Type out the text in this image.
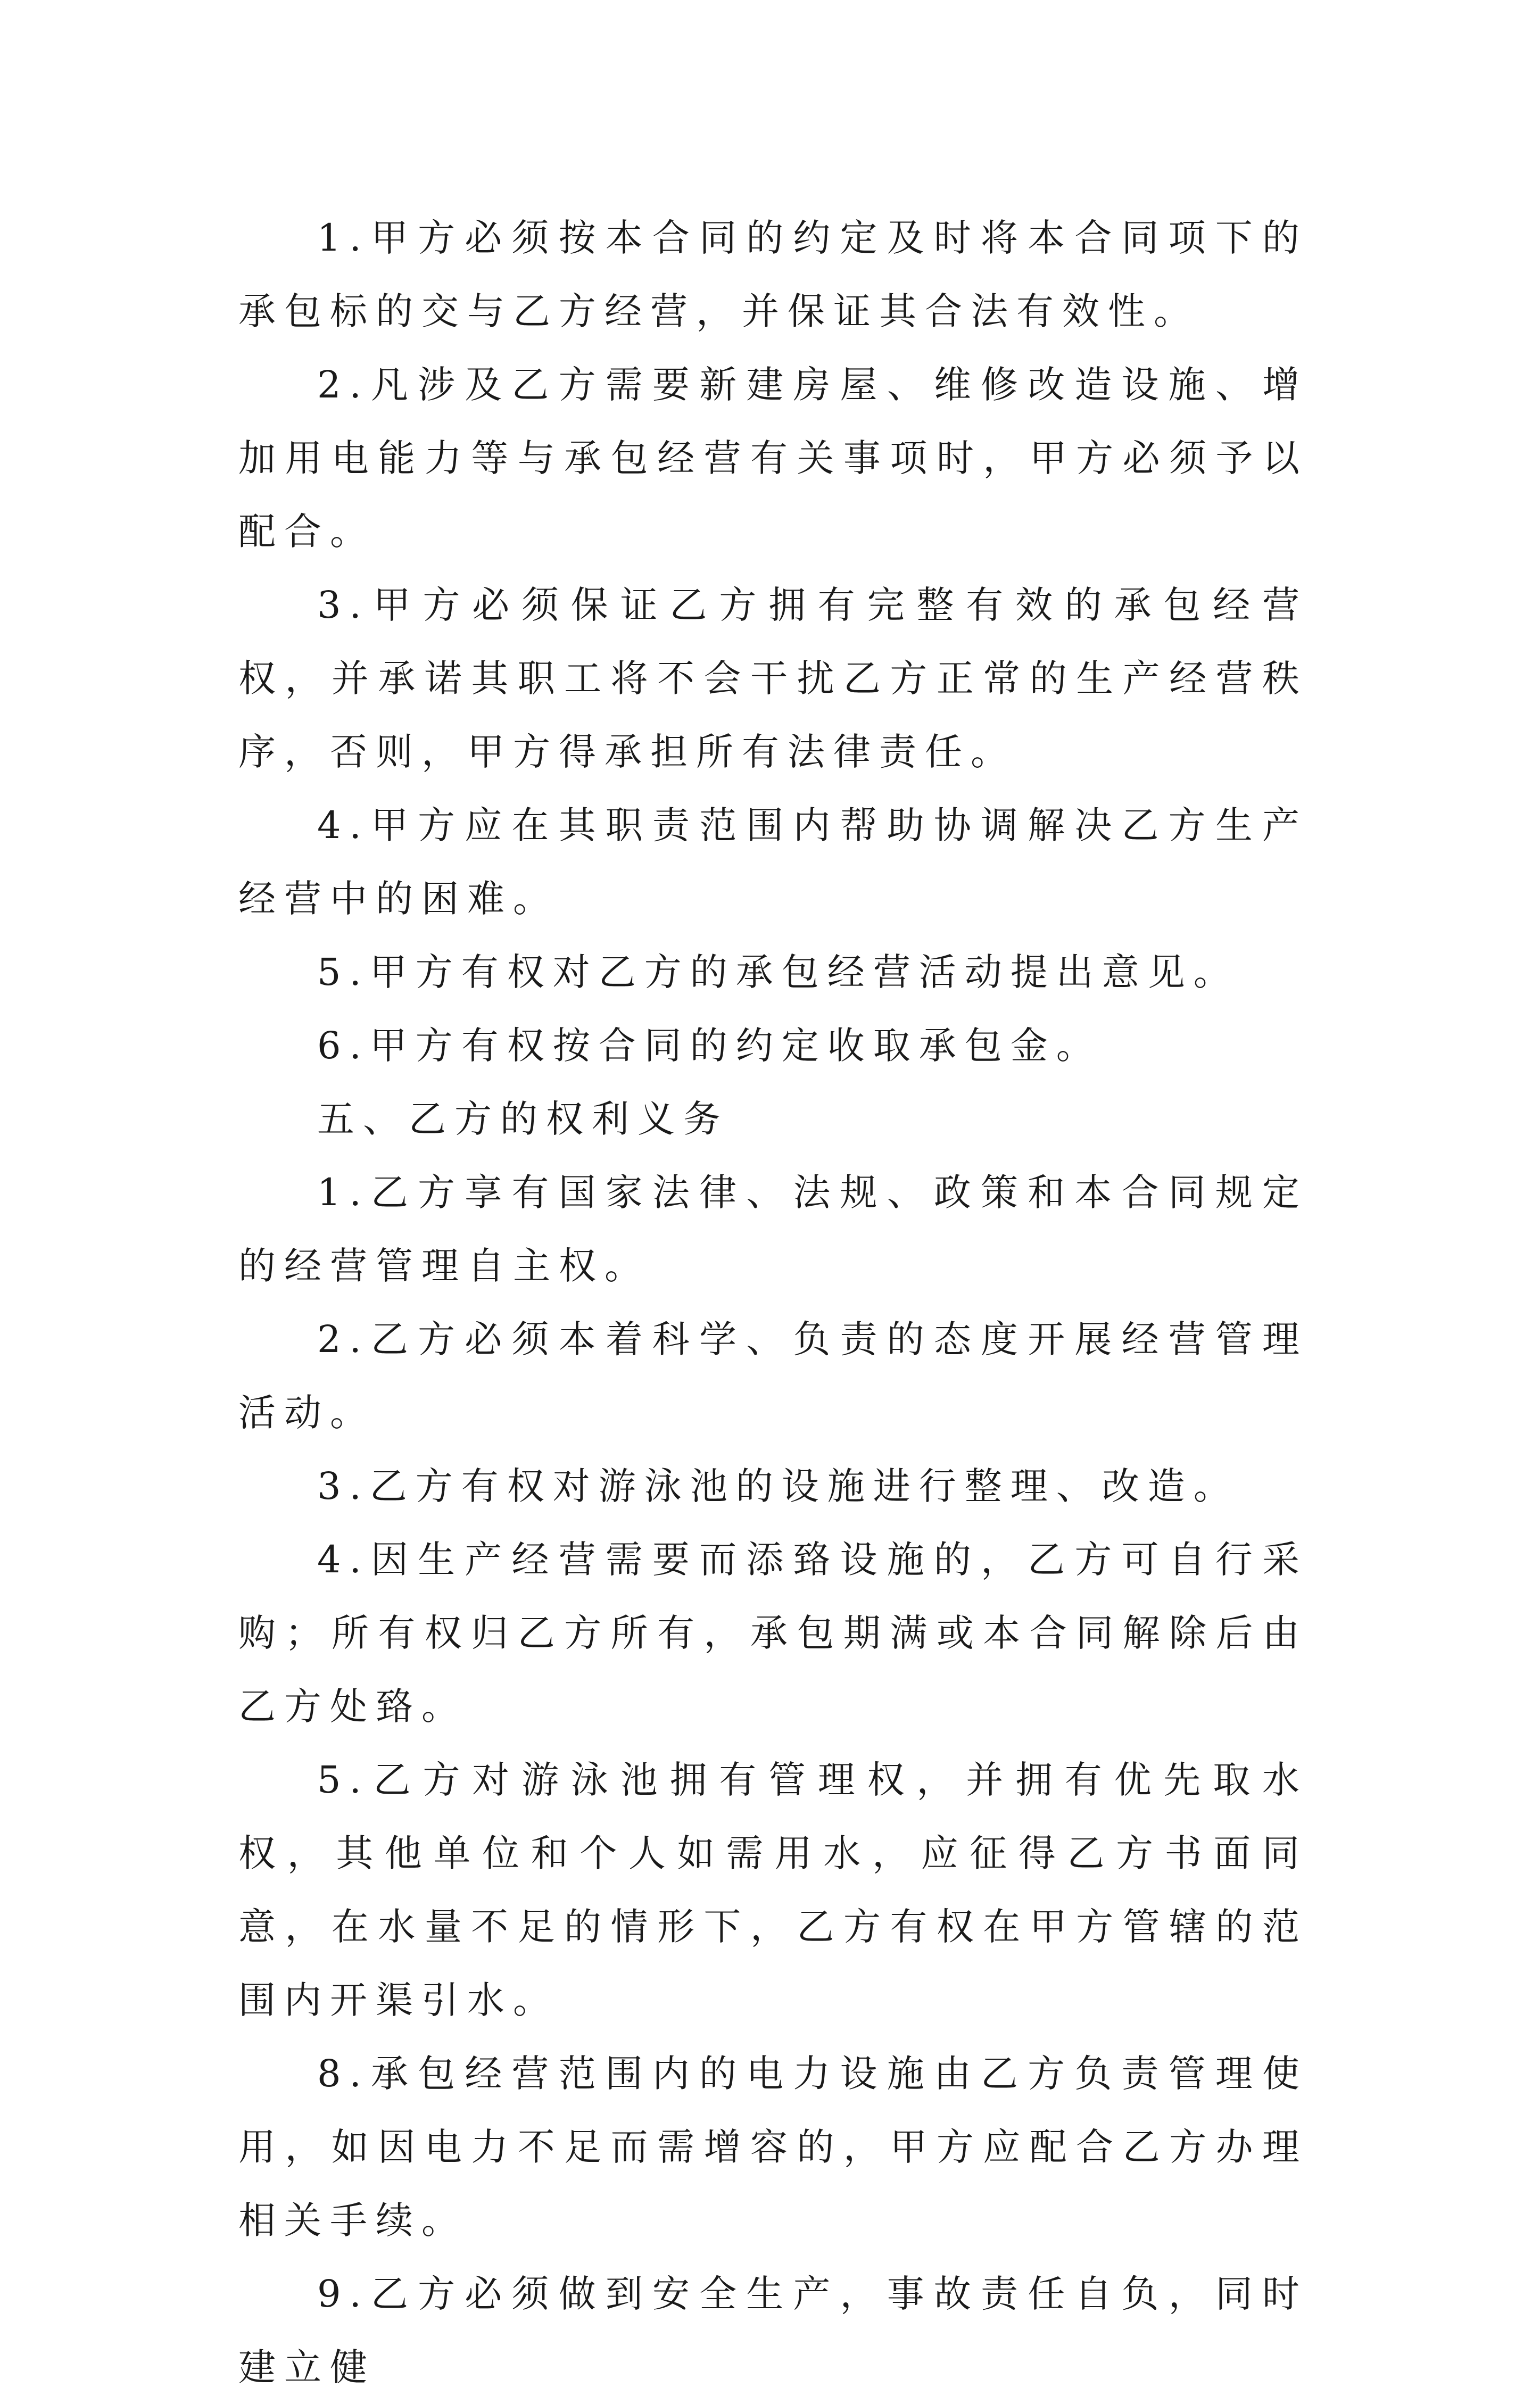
1.甲方必须按本合同的约定及时将本合同项下的承包标的交与乙方经营，并保证其合法有效性。

2.凡涉及乙方需要新建房屋、维修改造设施、增加用电能力等与承包经营有关事项时，甲方必须予以配合。

3.甲方必须保证乙方拥有完整有效的承包经营权，并承诺其职工将不会干扰乙方正常的生产经营秩序，否则，甲方得承担所有法律责任。

4.甲方应在其职责范围内帮助协调解决乙方生产经营中的困难。

5.甲方有权对乙方的承包经营活动提出意见。

6.甲方有权按合同的约定收取承包金。

五、乙方的权利义务

1.乙方享有国家法律、法规、政策和本合同规定的经营管理自主权。

2.乙方必须本着科学、负责的态度开展经营管理活动。

3.乙方有权对游泳池的设施进行整理、改造。

4.因生产经营需要而添臵设施的，乙方可自行采购；所有权归乙方所有，承包期满或本合同解除后由乙方处臵。

5.乙方对游泳池拥有管理权，并拥有优先取水权，其他单位和个人如需用水，应征得乙方书面同意，在水量不足的情形下，乙方有权在甲方管辖的范围内开渠引水。

8.承包经营范围内的电力设施由乙方负责管理使用，如因电力不足而需增容的，甲方应配合乙方办理相关手续。

9.乙方必须做到安全生产，事故责任自负，同时建立健
